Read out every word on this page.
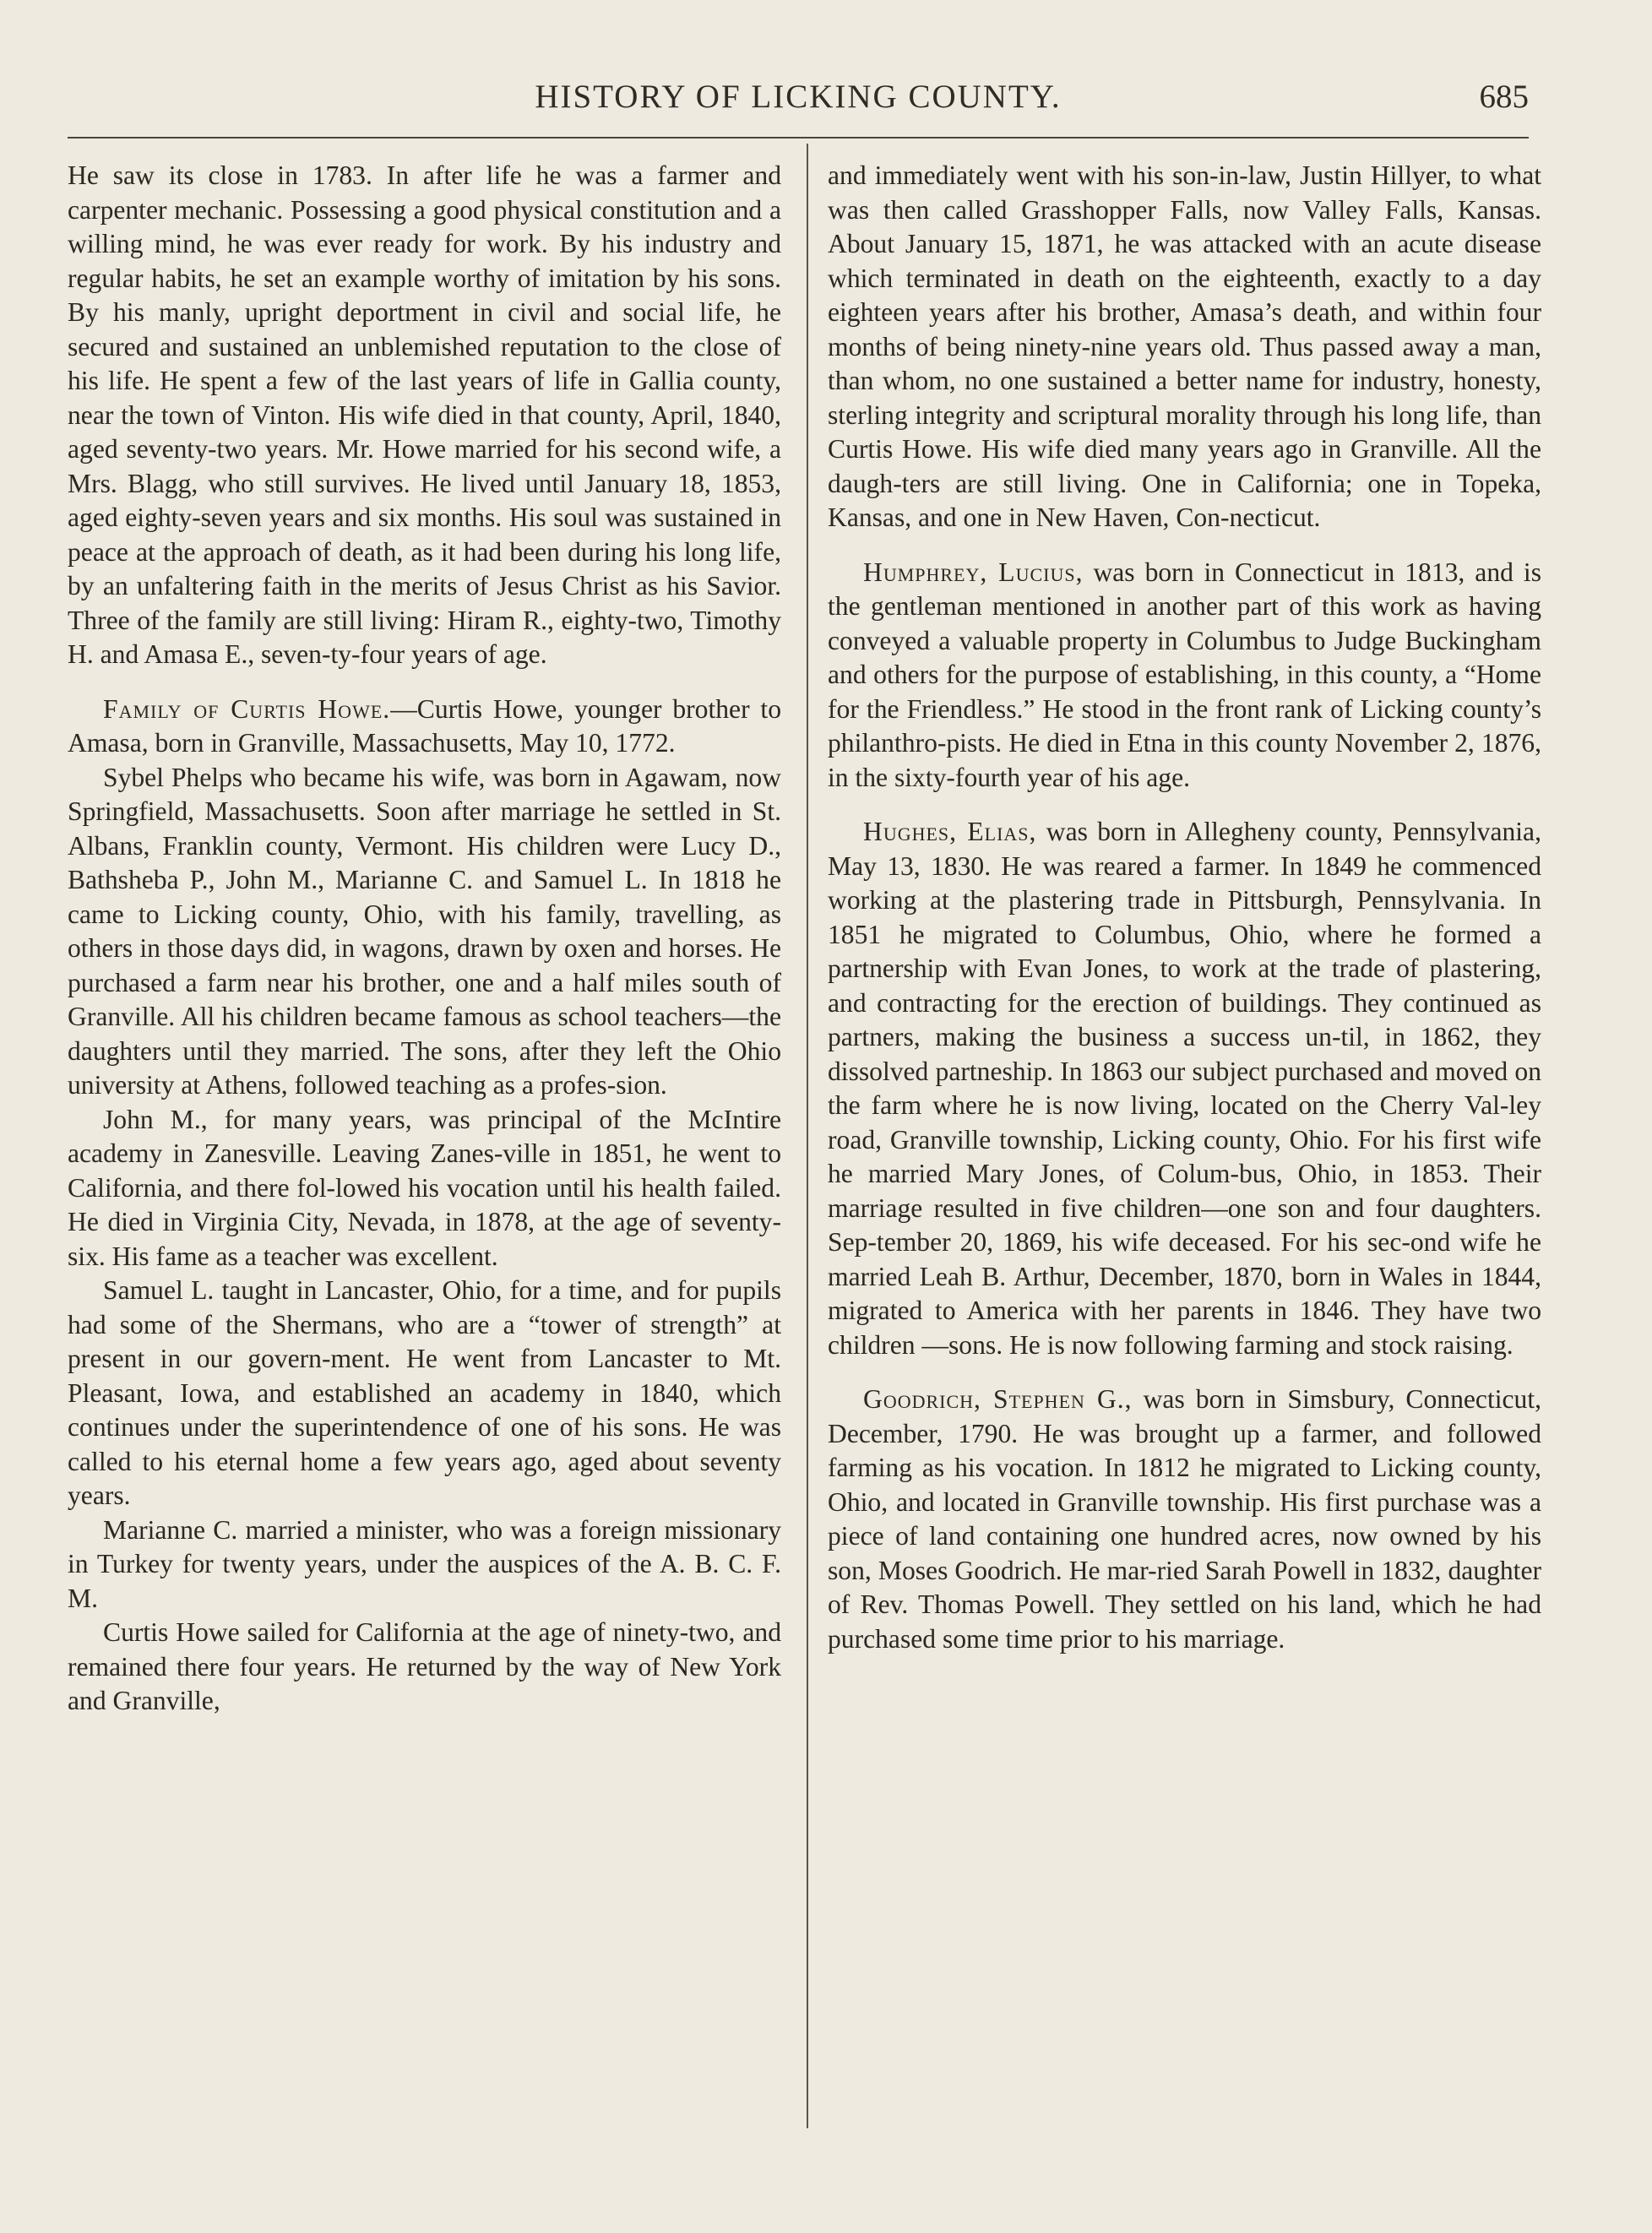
HISTORY OF LICKING COUNTY.	685

He saw its close in 1783. In after life he was a farmer and carpenter mechanic. Possessing a good physical constitution and a willing mind, he was ever ready for work. By his industry and regular habits, he set an example worthy of imitation by his sons. By his manly, upright deportment in civil and social life, he secured and sustained an unblemished reputation to the close of his life. He spent a few of the last years of life in Gallia county, near the town of Vinton. His wife died in that county, April, 1840, aged seventy-two years. Mr. Howe married for his second wife, a Mrs. Blagg, who still survives. He lived until January 18, 1853, aged eighty-seven years and six months. His soul was sustained in peace at the approach of death, as it had been during his long life, by an unfaltering faith in the merits of Jesus Christ as his Savior. Three of the family are still living: Hiram R., eighty-two, Timothy H. and Amasa E., seven-ty-four years of age.

Family of Curtis Howe.—Curtis Howe, younger brother to Amasa, born in Granville, Massachusetts, May 10, 1772.

Sybel Phelps who became his wife, was born in Agawam, now Springfield, Massachusetts. Soon after marriage he settled in St. Albans, Franklin county, Vermont. His children were Lucy D., Bathsheba P., John M., Marianne C. and Samuel L. In 1818 he came to Licking county, Ohio, with his family, travelling, as others in those days did, in wagons, drawn by oxen and horses. He purchased a farm near his brother, one and a half miles south of Granville. All his children became famous as school teachers—the daughters until they married. The sons, after they left the Ohio university at Athens, followed teaching as a profes-sion.

John M., for many years, was principal of the McIntire academy in Zanesville. Leaving Zanes-ville in 1851, he went to California, and there fol-lowed his vocation until his health failed. He died in Virginia City, Nevada, in 1878, at the age of seventy-six. His fame as a teacher was excellent.

Samuel L. taught in Lancaster, Ohio, for a time, and for pupils had some of the Shermans, who are a “tower of strength” at present in our govern-ment. He went from Lancaster to Mt. Pleasant, Iowa, and established an academy in 1840, which continues under the superintendence of one of his sons. He was called to his eternal home a few years ago, aged about seventy years.

Marianne C. married a minister, who was a foreign missionary in Turkey for twenty years, under the auspices of the A. B. C. F. M.

Curtis Howe sailed for California at the age of ninety-two, and remained there four years. He returned by the way of New York and Granville,

and immediately went with his son-in-law, Justin Hillyer, to what was then called Grasshopper Falls, now Valley Falls, Kansas. About January 15, 1871, he was attacked with an acute disease which terminated in death on the eighteenth, exactly to a day eighteen years after his brother, Amasa’s death, and within four months of being ninety-nine years old. Thus passed away a man, than whom, no one sustained a better name for industry, honesty, sterling integrity and scriptural morality through his long life, than Curtis Howe. His wife died many years ago in Granville. All the daugh-ters are still living. One in California; one in Topeka, Kansas, and one in New Haven, Con-necticut.

Humphrey, Lucius, was born in Connecticut in 1813, and is the gentleman mentioned in another part of this work as having conveyed a valuable property in Columbus to Judge Buckingham and others for the purpose of establishing, in this county, a “Home for the Friendless.” He stood in the front rank of Licking county’s philanthro-pists. He died in Etna in this county November 2, 1876, in the sixty-fourth year of his age.

Hughes, Elias, was born in Allegheny county, Pennsylvania, May 13, 1830. He was reared a farmer. In 1849 he commenced working at the plastering trade in Pittsburgh, Pennsylvania. In 1851 he migrated to Columbus, Ohio, where he formed a partnership with Evan Jones, to work at the trade of plastering, and contracting for the erection of buildings. They continued as partners, making the business a success un-til, in 1862, they dissolved partneship. In 1863 our subject purchased and moved on the farm where he is now living, located on the Cherry Val-ley road, Granville township, Licking county, Ohio. For his first wife he married Mary Jones, of Colum-bus, Ohio, in 1853. Their marriage resulted in five children—one son and four daughters. Sep-tember 20, 1869, his wife deceased. For his sec-ond wife he married Leah B. Arthur, December, 1870, born in Wales in 1844, migrated to America with her parents in 1846. They have two children —sons. He is now following farming and stock raising.

Goodrich, Stephen G., was born in Simsbury, Connecticut, December, 1790. He was brought up a farmer, and followed farming as his vocation. In 1812 he migrated to Licking county, Ohio, and located in Granville township. His first purchase was a piece of land containing one hundred acres, now owned by his son, Moses Goodrich. He mar-ried Sarah Powell in 1832, daughter of Rev. Thomas Powell. They settled on his land, which he had purchased some time prior to his marriage.
